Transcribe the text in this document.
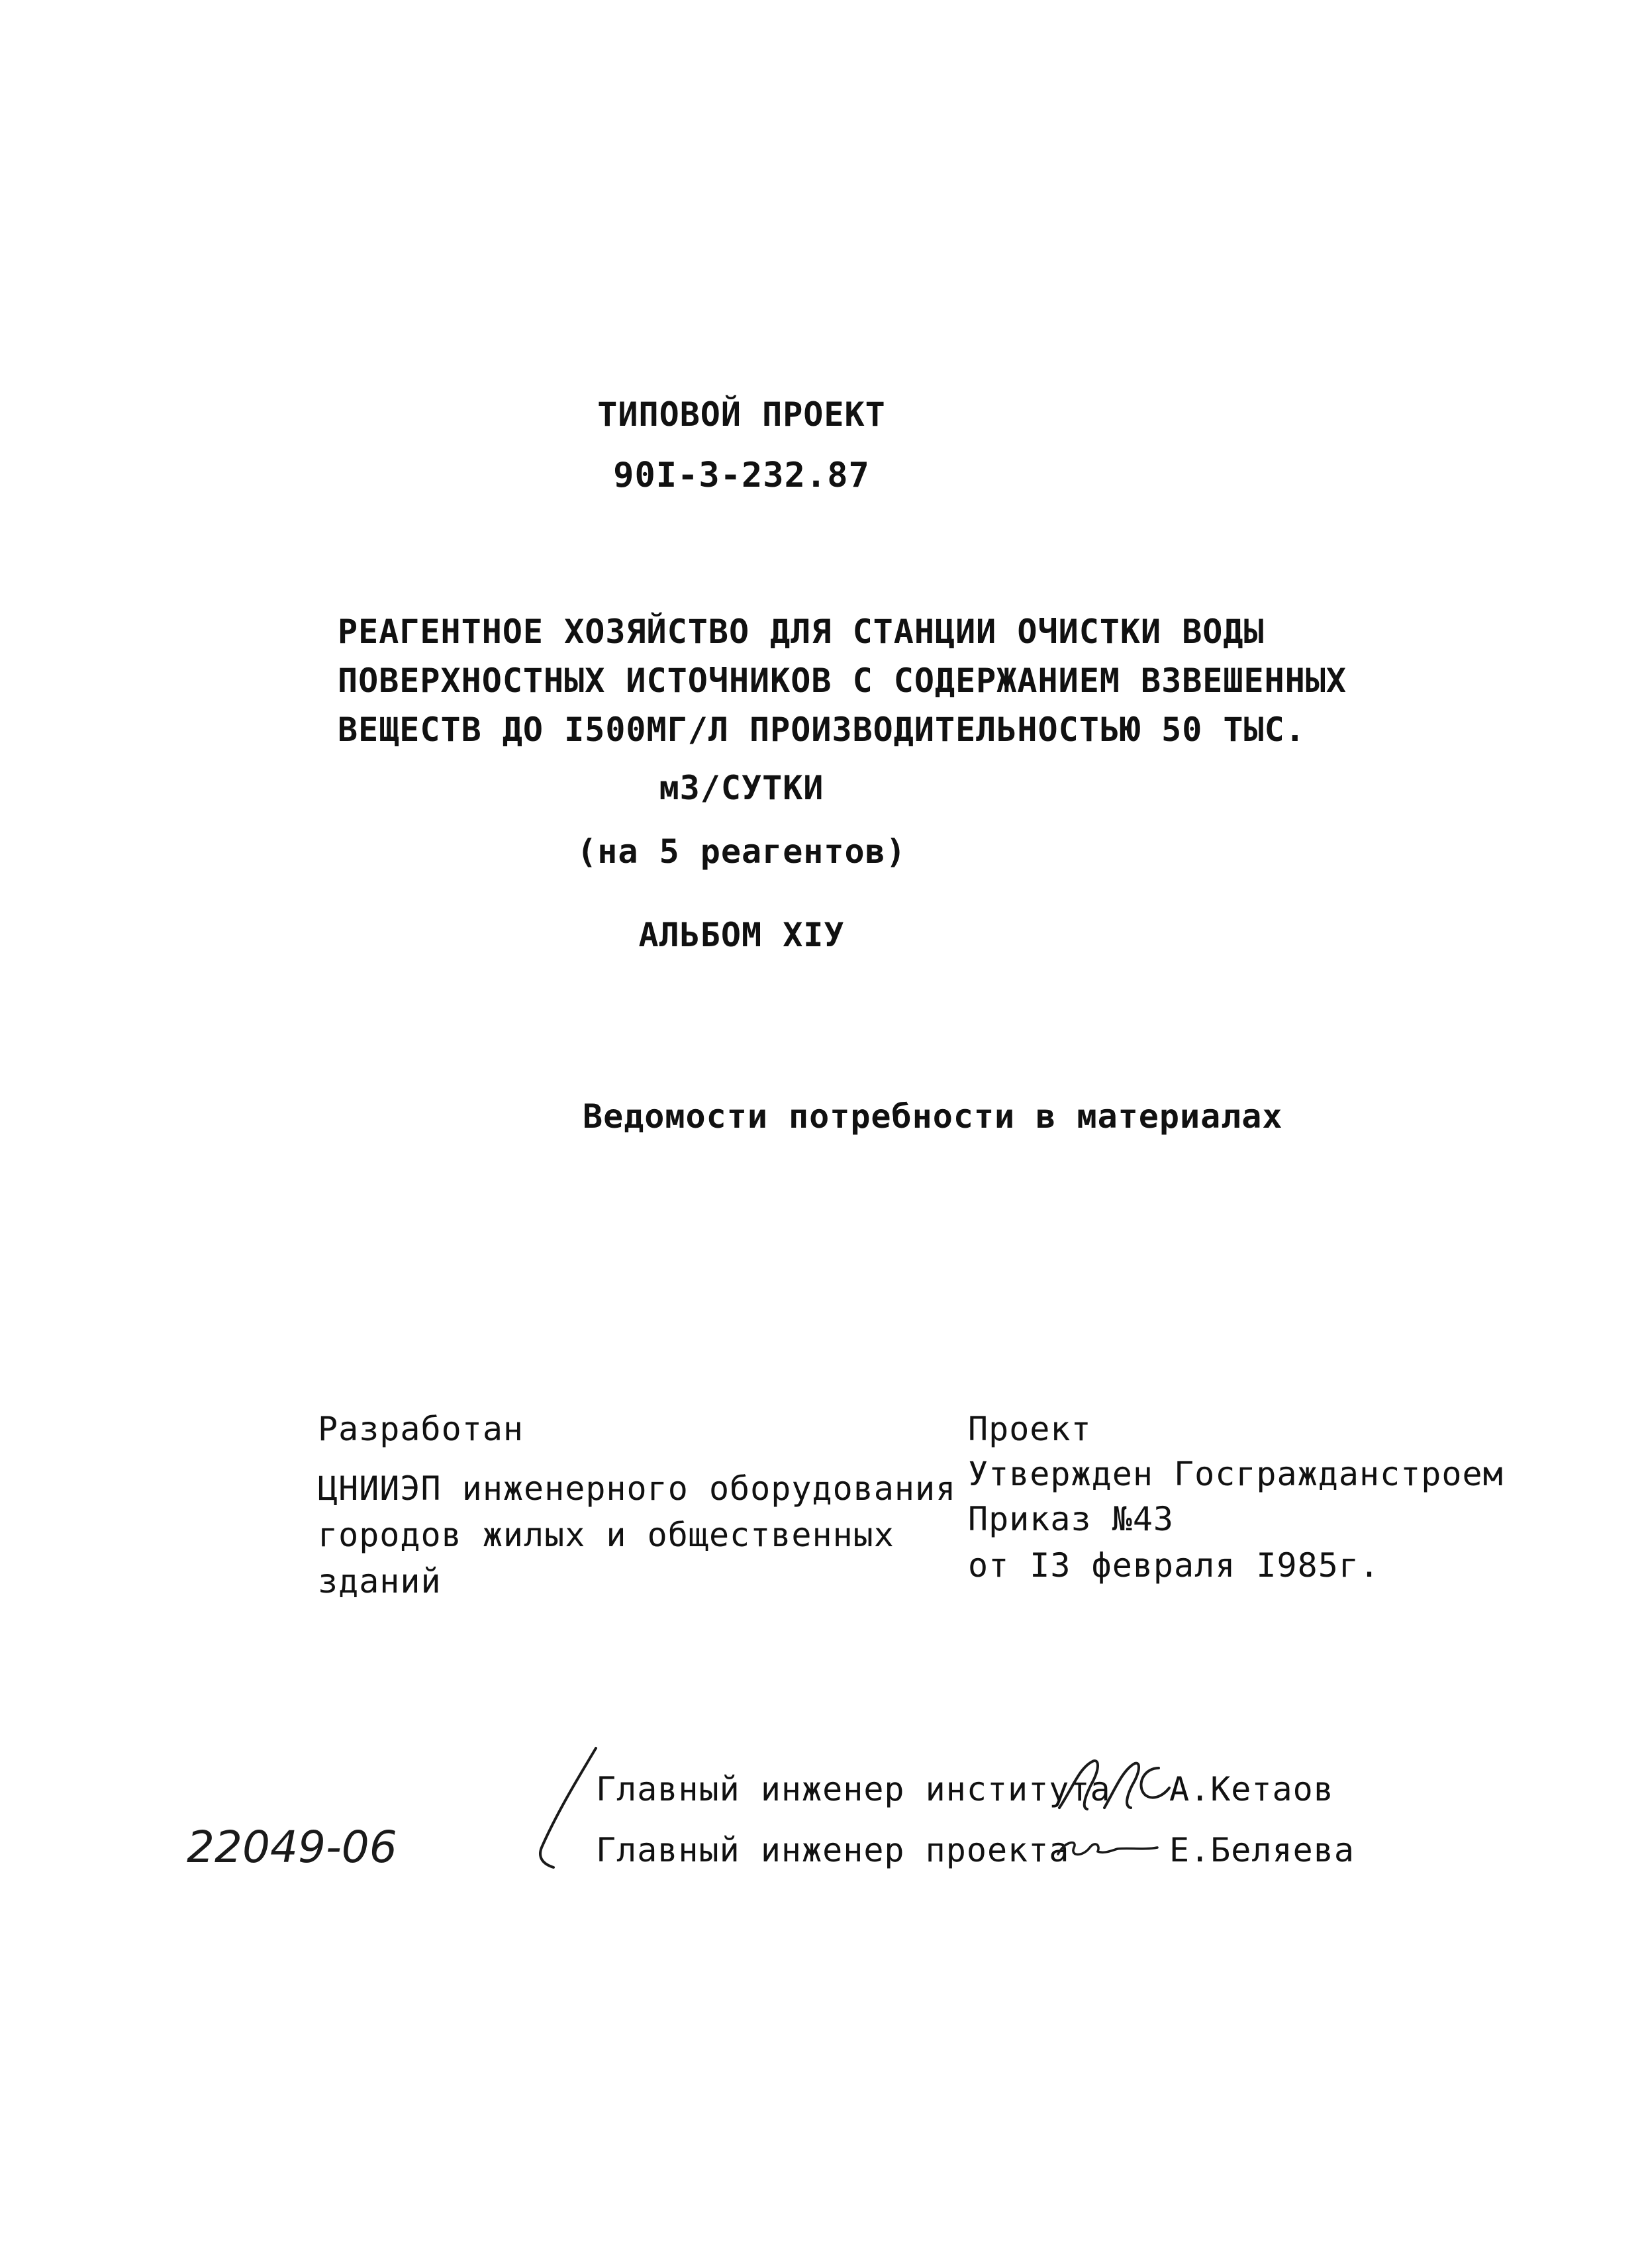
ТИПОВОЙ ПРОЕКТ
90I-3-232.87
РЕАГЕНТНОЕ ХОЗЯЙСТВО ДЛЯ СТАНЦИИ ОЧИСТКИ ВОДЫ
ПОВЕРХНОСТНЫХ ИСТОЧНИКОВ С СОДЕРЖАНИЕМ ВЗВЕШЕННЫХ
ВЕЩЕСТВ ДО I500МГ/Л ПРОИЗВОДИТЕЛЬНОСТЬЮ 50 ТЫС.
м3/СУТКИ
(на 5 реагентов)
АЛЬБОМ XIУ
Ведомости потребности в материалах
Разработан
ЦНИИЭП инженерного оборудования
городов жилых и общественных
зданий
Проект
Утвержден Госгражданстроем
Приказ №43
от I3 февраля I985г.
Главный инженер института А.Кетаов
Главный инженер проекта	Е.Беляева
22049-06
